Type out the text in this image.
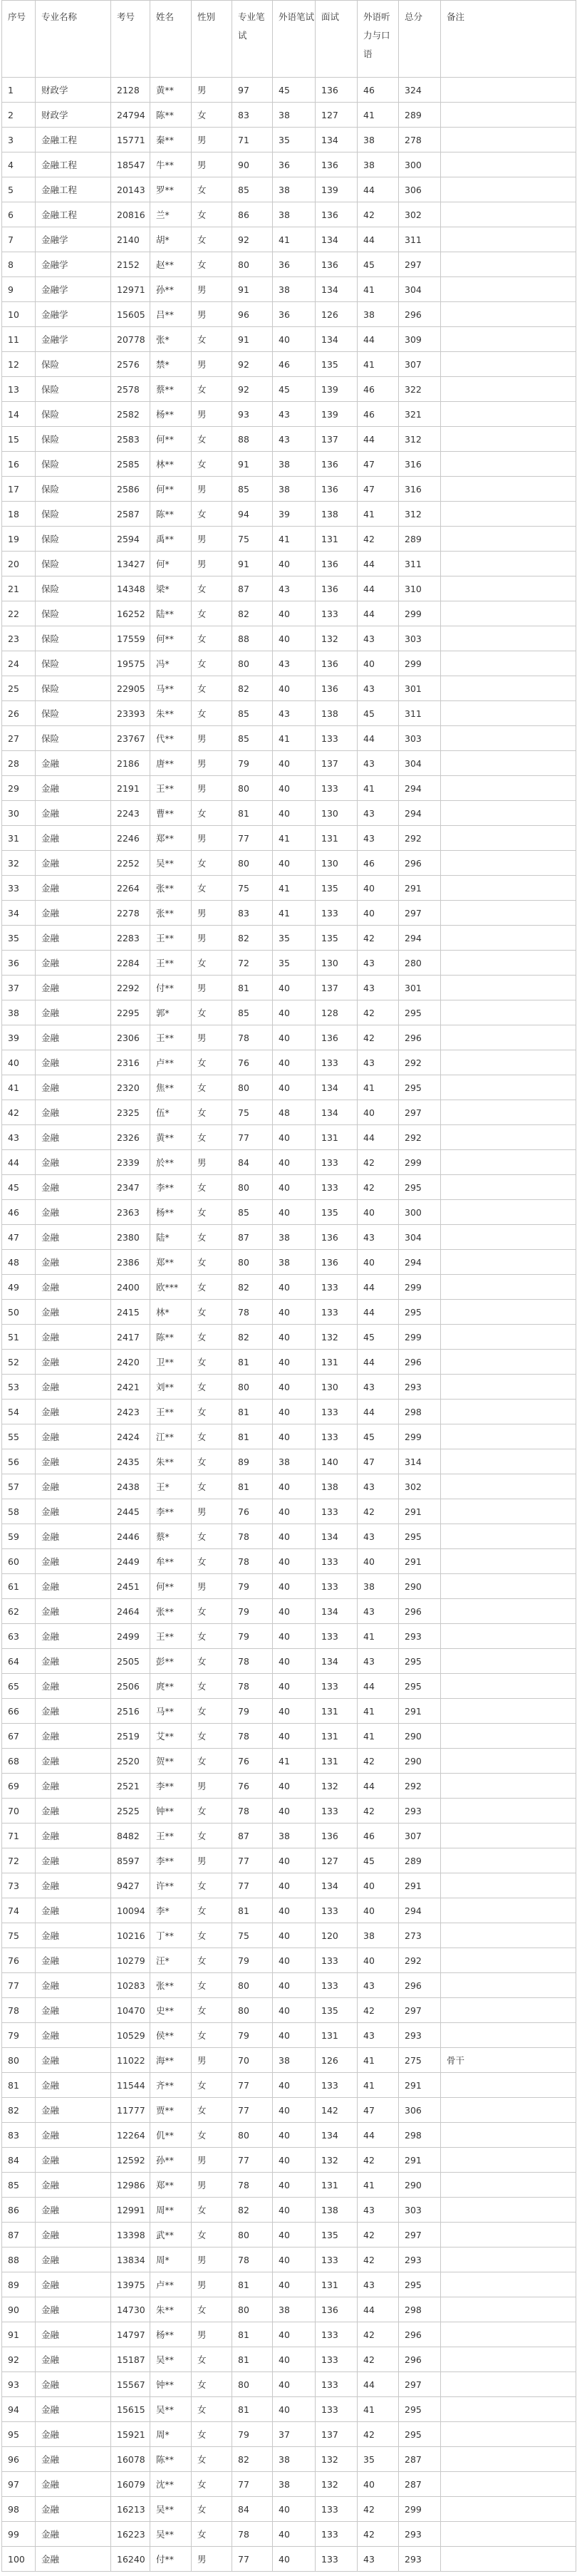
序号	专业名称	考号	姓名	性别	专业笔试	外语笔试	面试	外语听力与口语	总分	备注
1	财政学	2128	黄**	男	97	45	136	46	324	
2	财政学	24794	陈**	女	83	38	127	41	289	
3	金融工程	15771	秦**	男	71	35	134	38	278	
4	金融工程	18547	牛**	男	90	36	136	38	300	
5	金融工程	20143	罗**	女	85	38	139	44	306	
6	金融工程	20816	兰*	女	86	38	136	42	302	
7	金融学	2140	胡*	女	92	41	134	44	311	
8	金融学	2152	赵**	女	80	36	136	45	297	
9	金融学	12971	孙**	男	91	38	134	41	304	
10	金融学	15605	吕**	男	96	36	126	38	296	
11	金融学	20778	张*	女	91	40	134	44	309	
12	保险	2576	禁*	男	92	46	135	41	307	
13	保险	2578	蔡**	女	92	45	139	46	322	
14	保险	2582	杨**	男	93	43	139	46	321	
15	保险	2583	何**	女	88	43	137	44	312	
16	保险	2585	林**	女	91	38	136	47	316	
17	保险	2586	何**	男	85	38	136	47	316	
18	保险	2587	陈**	女	94	39	138	41	312	
19	保险	2594	禹**	男	75	41	131	42	289	
20	保险	13427	何*	男	91	40	136	44	311	
21	保险	14348	梁*	女	87	43	136	44	310	
22	保险	16252	陆**	女	82	40	133	44	299	
23	保险	17559	何**	女	88	40	132	43	303	
24	保险	19575	冯*	女	80	43	136	40	299	
25	保险	22905	马**	女	82	40	136	43	301	
26	保险	23393	朱**	女	85	43	138	45	311	
27	保险	23767	代**	男	85	41	133	44	303	
28	金融	2186	唐**	男	79	40	137	43	304	
29	金融	2191	王**	男	80	40	133	41	294	
30	金融	2243	曹**	女	81	40	130	43	294	
31	金融	2246	郑**	男	77	41	131	43	292	
32	金融	2252	吴**	女	80	40	130	46	296	
33	金融	2264	张**	女	75	41	135	40	291	
34	金融	2278	张**	男	83	41	133	40	297	
35	金融	2283	王**	男	82	35	135	42	294	
36	金融	2284	王**	女	72	35	130	43	280	
37	金融	2292	付**	男	81	40	137	43	301	
38	金融	2295	郭*	女	85	40	128	42	295	
39	金融	2306	王**	男	78	40	136	42	296	
40	金融	2316	卢**	女	76	40	133	43	292	
41	金融	2320	焦**	女	80	40	134	41	295	
42	金融	2325	伍*	女	75	48	134	40	297	
43	金融	2326	黄**	女	77	40	131	44	292	
44	金融	2339	於**	男	84	40	133	42	299	
45	金融	2347	李**	女	80	40	133	42	295	
46	金融	2363	杨**	女	85	40	135	40	300	
47	金融	2380	陆*	女	87	38	136	43	304	
48	金融	2386	郑**	女	80	38	136	40	294	
49	金融	2400	欧***	女	82	40	133	44	299	
50	金融	2415	林*	女	78	40	133	44	295	
51	金融	2417	陈**	女	82	40	132	45	299	
52	金融	2420	卫**	女	81	40	131	44	296	
53	金融	2421	刘**	女	80	40	130	43	293	
54	金融	2423	王**	女	81	40	133	44	298	
55	金融	2424	江**	女	81	40	133	45	299	
56	金融	2435	朱**	女	89	38	140	47	314	
57	金融	2438	王*	女	81	40	138	43	302	
58	金融	2445	李**	男	76	40	133	42	291	
59	金融	2446	蔡*	女	78	40	134	43	295	
60	金融	2449	牟**	女	78	40	133	40	291	
61	金融	2451	何**	男	79	40	133	38	290	
62	金融	2464	张**	女	79	40	134	43	296	
63	金融	2499	王**	女	79	40	133	41	293	
64	金融	2505	彭**	女	78	40	134	43	295	
65	金融	2506	庹**	女	78	40	133	44	295	
66	金融	2516	马**	女	79	40	131	41	291	
67	金融	2519	艾**	女	78	40	131	41	290	
68	金融	2520	贺**	女	76	41	131	42	290	
69	金融	2521	李**	男	76	40	132	44	292	
70	金融	2525	钟**	女	78	40	133	42	293	
71	金融	8482	王**	女	87	38	136	46	307	
72	金融	8597	李**	男	77	40	127	45	289	
73	金融	9427	许**	女	77	40	134	40	291	
74	金融	10094	李*	女	81	40	133	40	294	
75	金融	10216	丁**	女	75	40	120	38	273	
76	金融	10279	汪*	女	79	40	133	40	292	
77	金融	10283	张**	女	80	40	133	43	296	
78	金融	10470	史**	女	80	40	135	42	297	
79	金融	10529	侯**	女	79	40	131	43	293	
80	金融	11022	海**	男	70	38	126	41	275	骨干
81	金融	11544	齐**	女	77	40	133	41	291	
82	金融	11777	贾**	女	77	40	142	47	306	
83	金融	12264	仉**	女	80	40	134	44	298	
84	金融	12592	孙**	男	77	40	132	42	291	
85	金融	12986	郑**	男	78	40	131	41	290	
86	金融	12991	周**	女	82	40	138	43	303	
87	金融	13398	武**	女	80	40	135	42	297	
88	金融	13834	周*	男	78	40	133	42	293	
89	金融	13975	卢**	男	81	40	131	43	295	
90	金融	14730	朱**	女	80	38	136	44	298	
91	金融	14797	杨**	男	81	40	133	42	296	
92	金融	15187	吴**	女	81	40	133	42	296	
93	金融	15567	钟**	女	80	40	133	44	297	
94	金融	15615	吴**	女	81	40	133	41	295	
95	金融	15921	周*	女	79	37	137	42	295	
96	金融	16078	陈**	女	82	38	132	35	287	
97	金融	16079	沈**	女	77	38	132	40	287	
98	金融	16213	吴**	女	84	40	133	42	299	
99	金融	16223	吴**	女	78	40	133	42	293	
100	金融	16240	付**	男	77	40	133	43	293	
